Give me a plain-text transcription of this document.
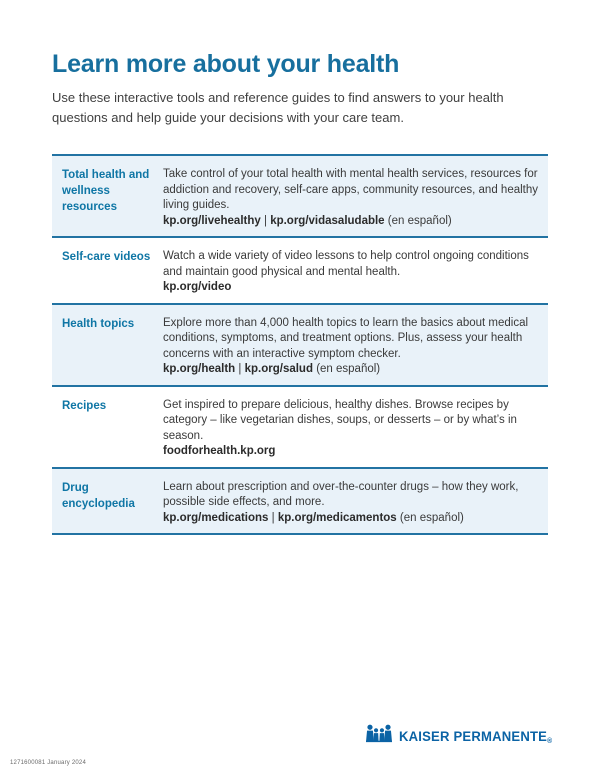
Learn more about your health

Use these interactive tools and reference guides to find answers to your health questions and help guide your decisions with your care team.

Total health and wellness resources
Take control of your total health with mental health services, resources for addiction and recovery, self-care apps, community resources, and healthy living guides.
kp.org/livehealthy | kp.org/vidasaludable (en español)
Self-care videos Watch a wide variety of video lessons to help control ongoing conditions and maintain good physical and mental health.
kp.org/video
Health topics	Explore more than 4,000 health topics to learn the basics about medical conditions, symptoms, and treatment options. Plus, assess your health concerns with an interactive symptom checker.
kp.org/health | kp.org/salud (en español)
Recipes	Get inspired to prepare delicious, healthy dishes. Browse recipes by category – like vegetarian dishes, soups, or desserts – or by what’s in season.
foodforhealth.kp.org
Drug encyclopedia
Learn about prescription and over-the-counter drugs – how they work, possible side effects, and more.
kp.org/medications | kp.org/medicamentos (en español)
1271600081 January 2024
KAISER PERMANENTE®
